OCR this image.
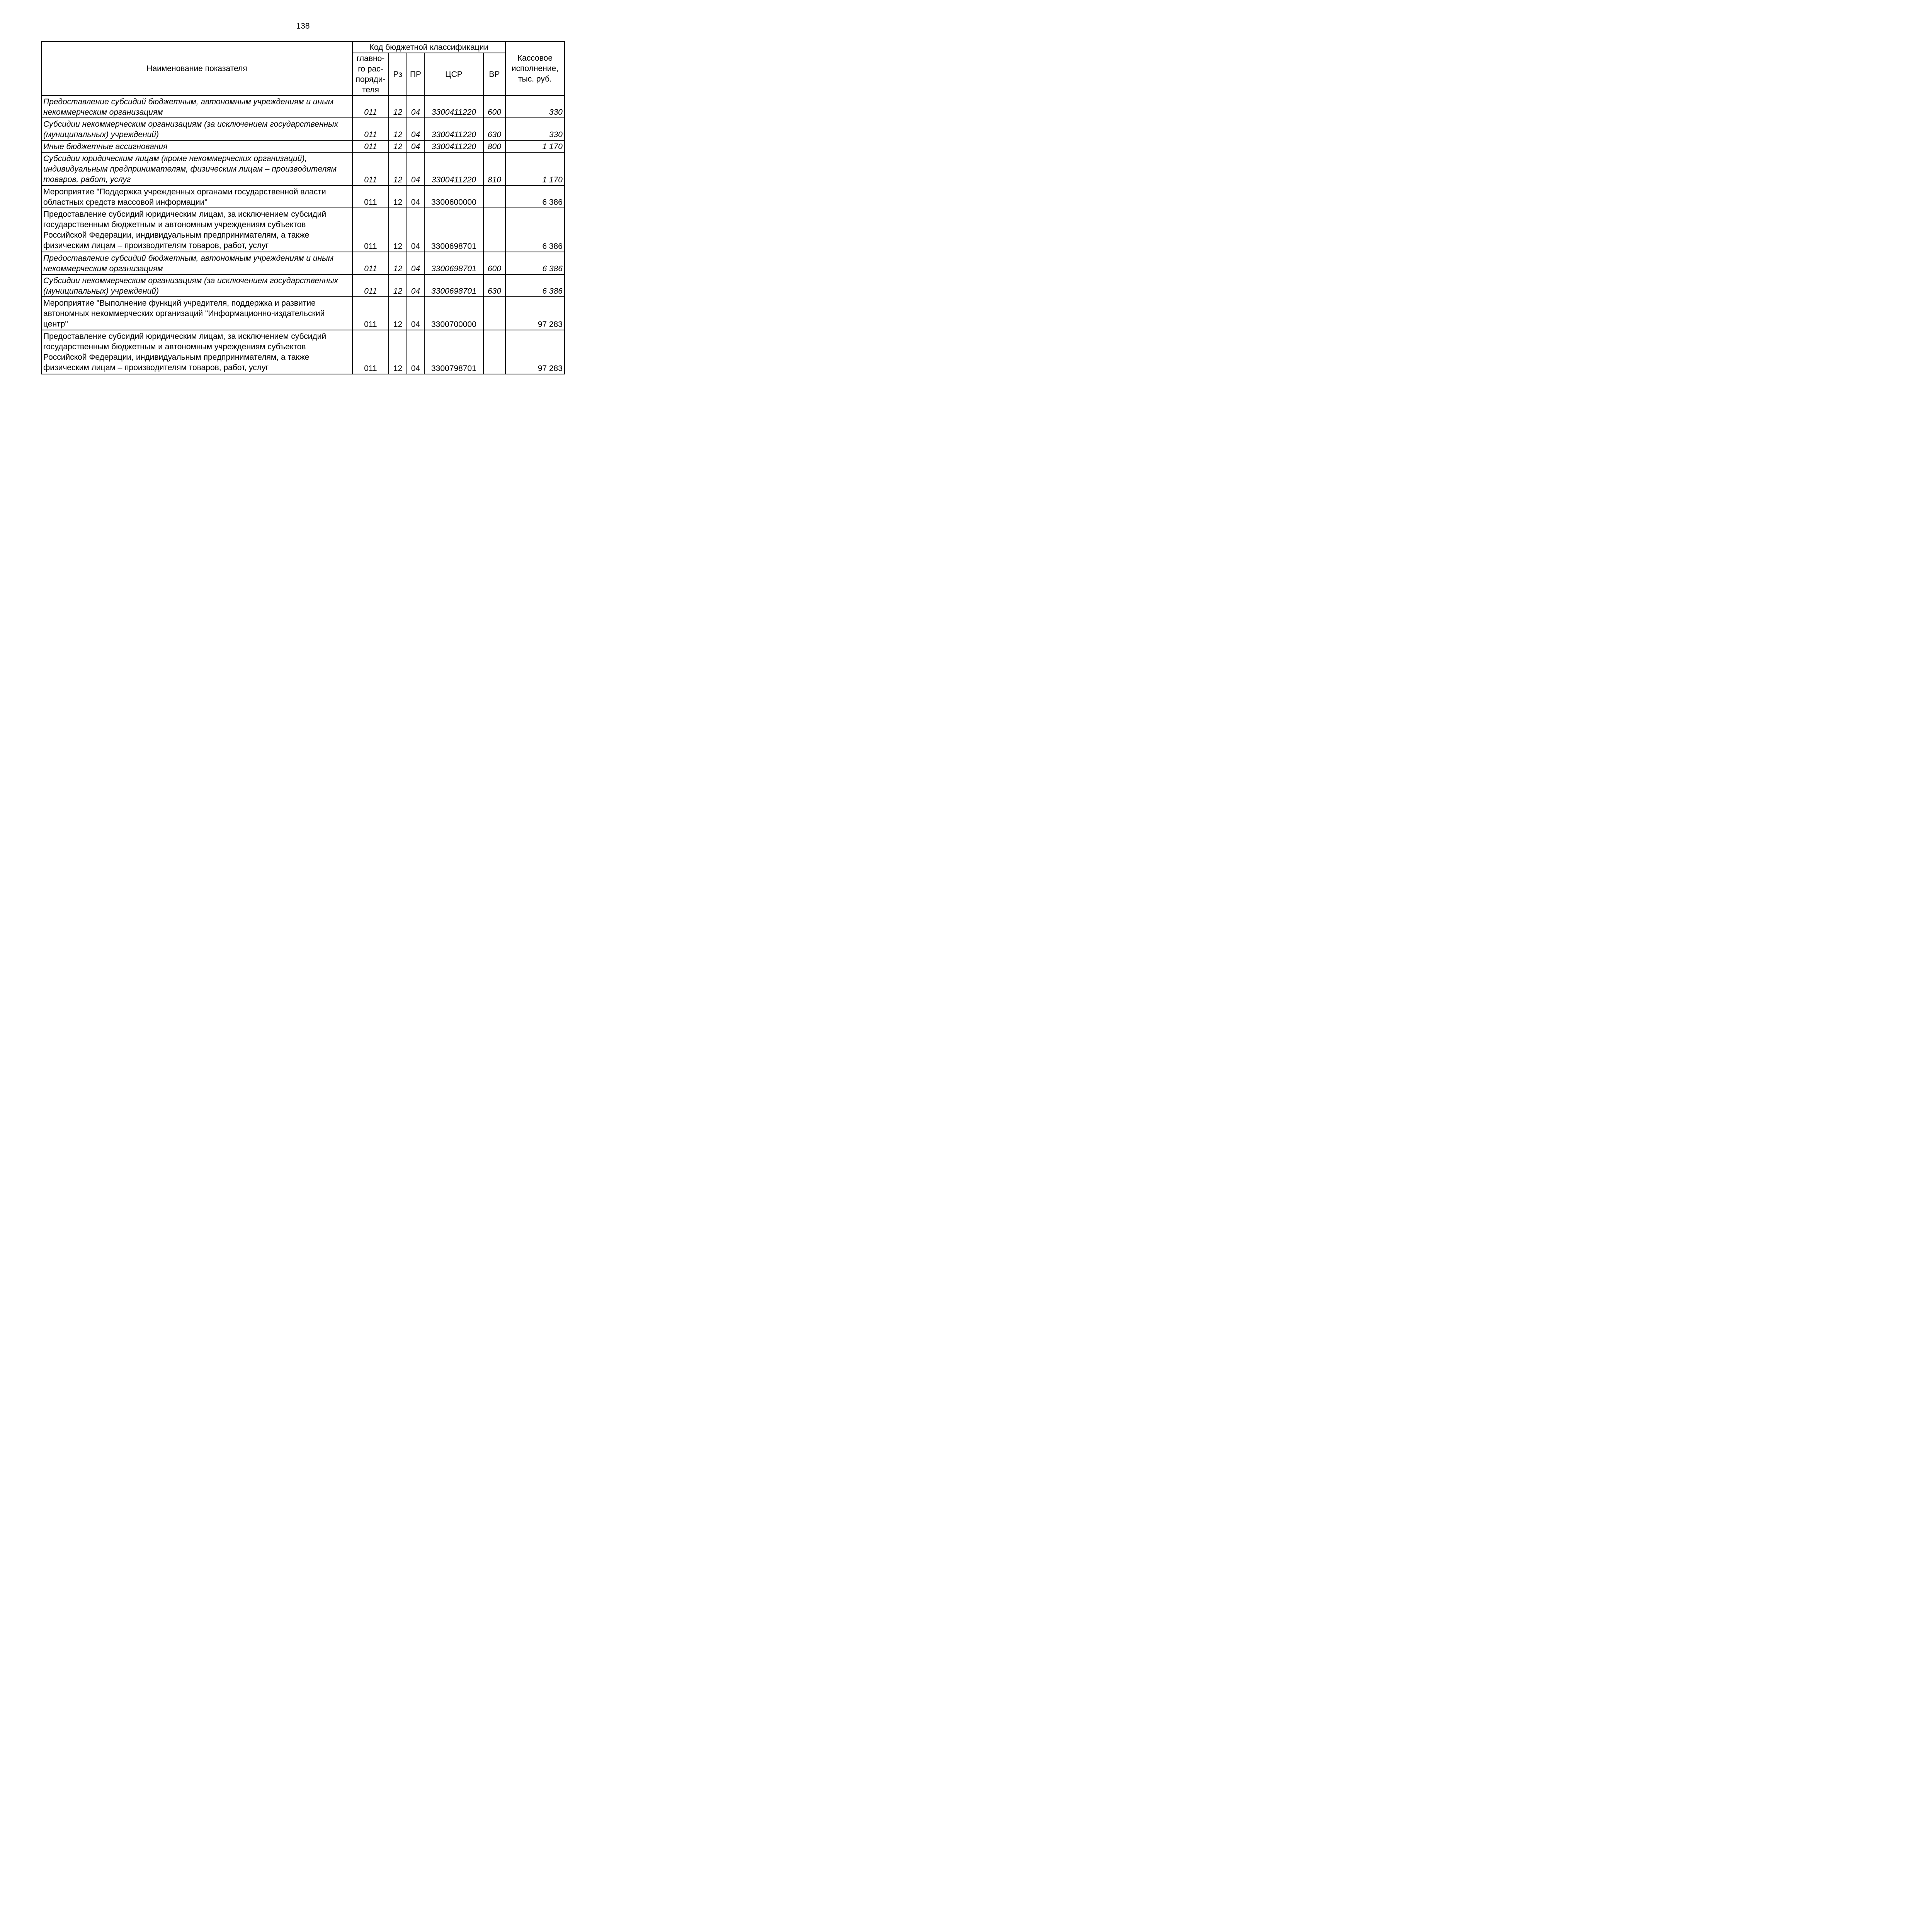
138
Наименование показателя	Код бюджетной классификации					Кассовое
исполнение,
тыс. руб.

	главно-
го рас-
поряди-
теля	Рз	ПР	ЦСР	ВР	
Предоставление субсидий бюджетным, автономным учреждениям и иным некоммерческим организациям	011	12	04	3300411220	600	330
Субсидии некоммерческим организациям (за исключением государственных (муниципальных) учреждений)	011	12	04	3300411220	630	330
Иные бюджетные ассигнования	011	12	04	3300411220	800	1 170
Субсидии юридическим лицам (кроме некоммерческих организаций), индивидуальным предпринимателям, физическим лицам – производителям товаров, работ, услуг	011	12	04	3300411220	810	1 170
Мероприятие "Поддержка учрежденных органами государственной власти областных средств массовой информации"	011	12	04	3300600000		6 386
Предоставление субсидий юридическим лицам, за исключением субсидий государственным бюджетным и автономным учреждениям субъектов Российской Федерации, индивидуальным предпринимателям, а также физическим лицам – производителям товаров, работ, услуг	011	12	04	3300698701		6 386
Предоставление субсидий бюджетным, автономным учреждениям и иным некоммерческим организациям	011	12	04	3300698701	600	6 386
Субсидии некоммерческим организациям (за исключением государственных (муниципальных) учреждений)	011	12	04	3300698701	630	6 386
Мероприятие "Выполнение функций учредителя, поддержка и развитие автономных некоммерческих организаций "Информационно-издательский центр"	011	12	04	3300700000		97 283
Предоставление субсидий юридическим лицам, за исключением субсидий государственным бюджетным и автономным учреждениям субъектов Российской Федерации, индивидуальным предпринимателям, а также физическим лицам – производителям товаров, работ, услуг	011	12	04	3300798701		97 283
